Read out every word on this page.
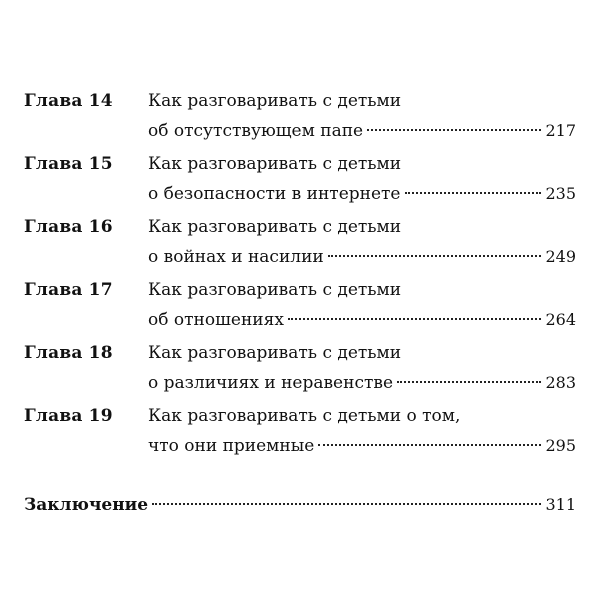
Глава 14 Как разговаривать с детьми
об отсутствующем папе	217
Глава 15 Как разговаривать с детьми
о безопасности в интернете	235
Глава 16 Как разговаривать с детьми
о войнах и насилии	249
Глава 17 Как разговаривать с детьми
об отношениях	264
Глава 18 Как разговаривать с детьми
о различиях и неравенстве	283
Глава 19 Как разговаривать с детьми о том,
что они приемные	295
Заключение	311
